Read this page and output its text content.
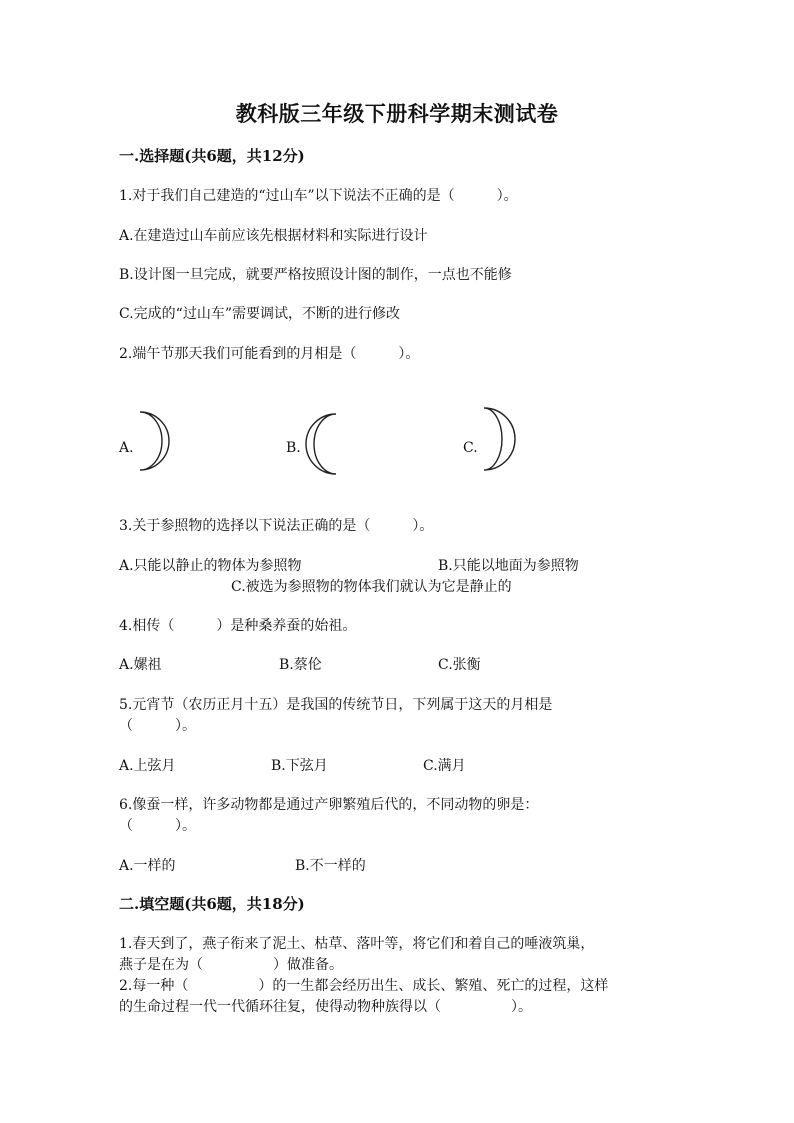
教科版三年级下册科学期末测试卷
一.选择题(共6题，共12分)
1.对于我们自己建造的“过山车”以下说法不正确的是（　　　）。
A.在建造过山车前应该先根据材料和实际进行设计
B.设计图一旦完成，就要严格按照设计图的制作，一点也不能修
C.完成的“过山车”需要调试，不断的进行修改
2.端午节那天我们可能看到的月相是（　　　）。
A.	B.	C.
3.关于参照物的选择以下说法正确的是（　　　）。
A.只能以静止的物体为参照物	B.只能以地面为参照物
C.被选为参照物的物体我们就认为它是静止的
4.相传（　　　）是种桑养蚕的始祖。
A.嫘祖	B.蔡伦	C.张衡
5.元宵节（农历正月十五）是我国的传统节日，下列属于这天的月相是
（　　　）。
A.上弦月	B.下弦月	C.满月
6.像蚕一样，许多动物都是通过产卵繁殖后代的，不同动物的卵是：
（　　　）。
A.一样的	B.不一样的
二.填空题(共6题，共18分)
1.春天到了，燕子衔来了泥土、枯草、落叶等，将它们和着自己的唾液筑巢，
燕子是在为（　　　　　）做准备。
2.每一种（　　　　　）的一生都会经历出生、成长、繁殖、死亡的过程，这样
的生命过程一代一代循环往复，使得动物种族得以（　　　　　）。
